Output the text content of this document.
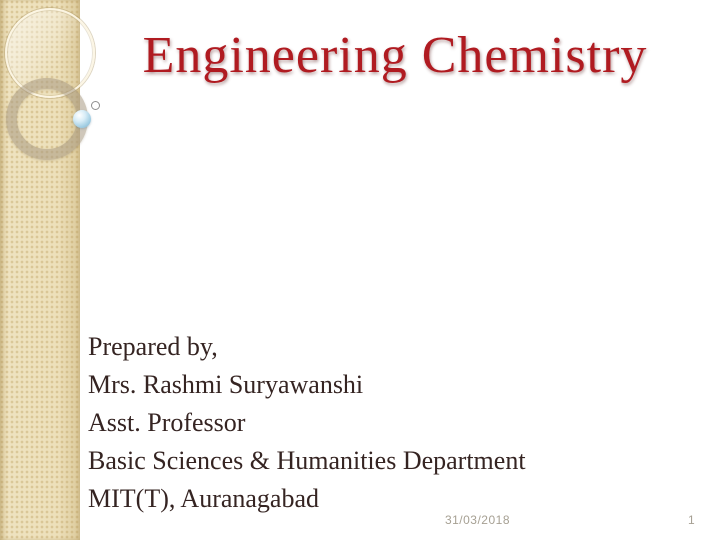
Engineering Chemistry
Prepared by,
Mrs. Rashmi Suryawanshi
Asst. Professor
Basic Sciences & Humanities Department
MIT(T), Auranagabad
31/03/2018	1
